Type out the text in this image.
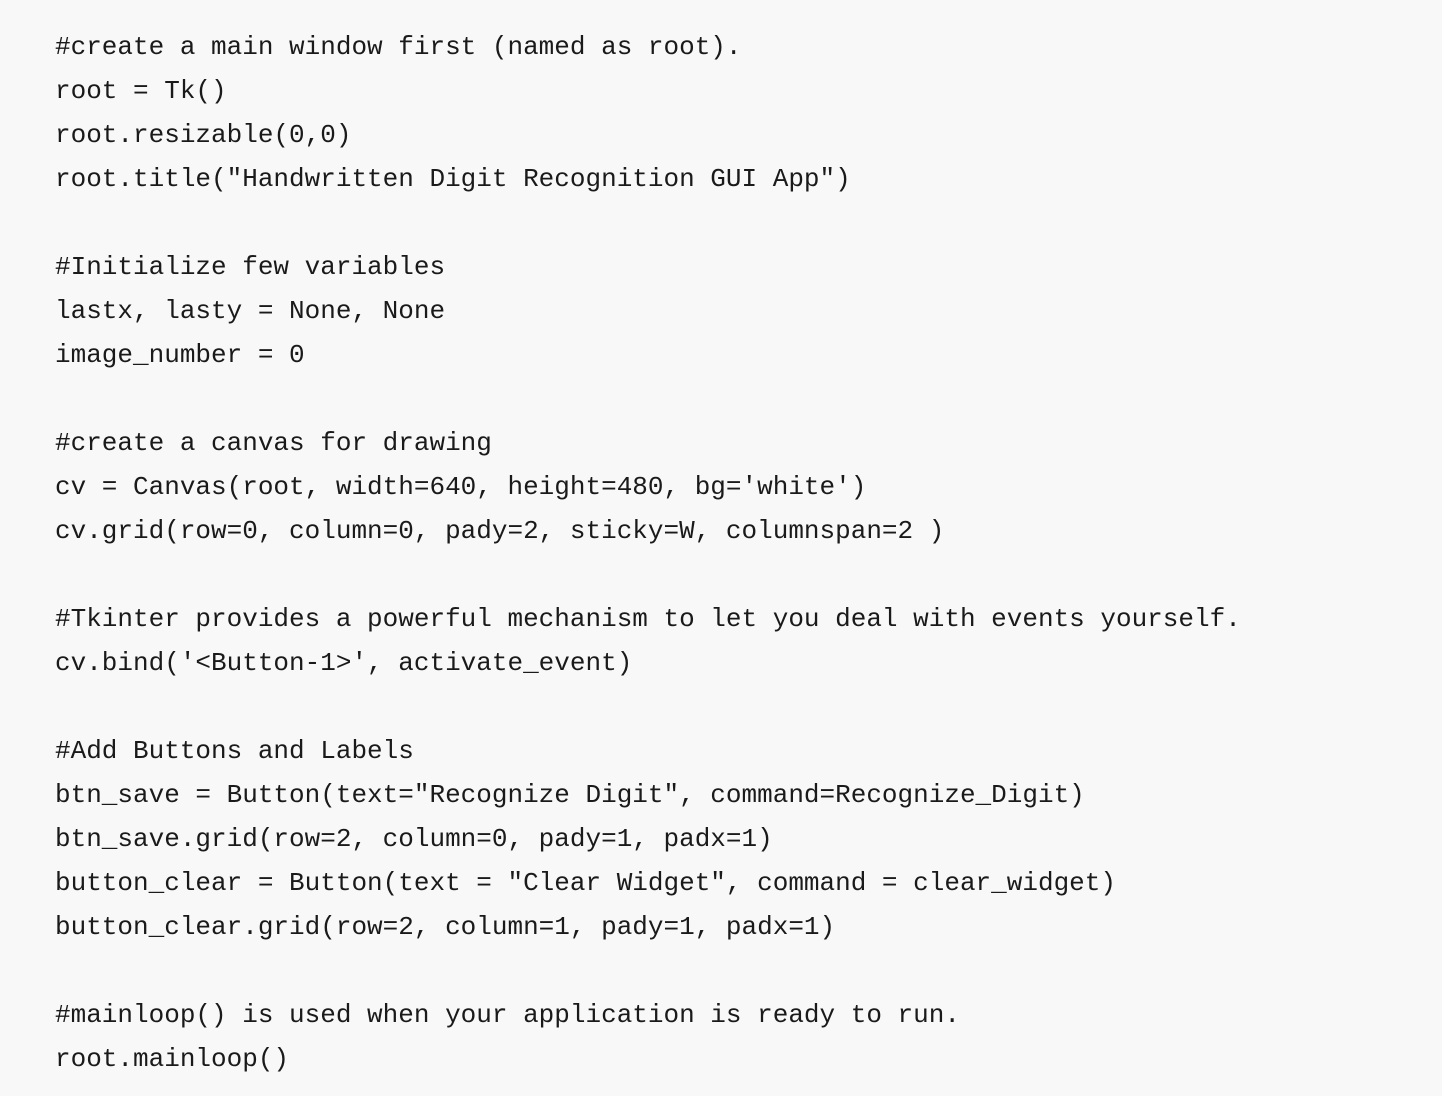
#create a main window first (named as root).
root = Tk()
root.resizable(0,0)
root.title("Handwritten Digit Recognition GUI App")
#Initialize few variables
lastx, lasty = None, None
image_number = 0
#create a canvas for drawing
cv = Canvas(root, width=640, height=480, bg='white')
cv.grid(row=0, column=0, pady=2, sticky=W, columnspan=2 )
#Tkinter provides a powerful mechanism to let you deal with events yourself.
cv.bind('<Button-1>', activate_event)
#Add Buttons and Labels
btn_save = Button(text="Recognize Digit", command=Recognize_Digit)
btn_save.grid(row=2, column=0, pady=1, padx=1)
button_clear = Button(text = "Clear Widget", command = clear_widget)
button_clear.grid(row=2, column=1, pady=1, padx=1)
#mainloop() is used when your application is ready to run.
root.mainloop()
